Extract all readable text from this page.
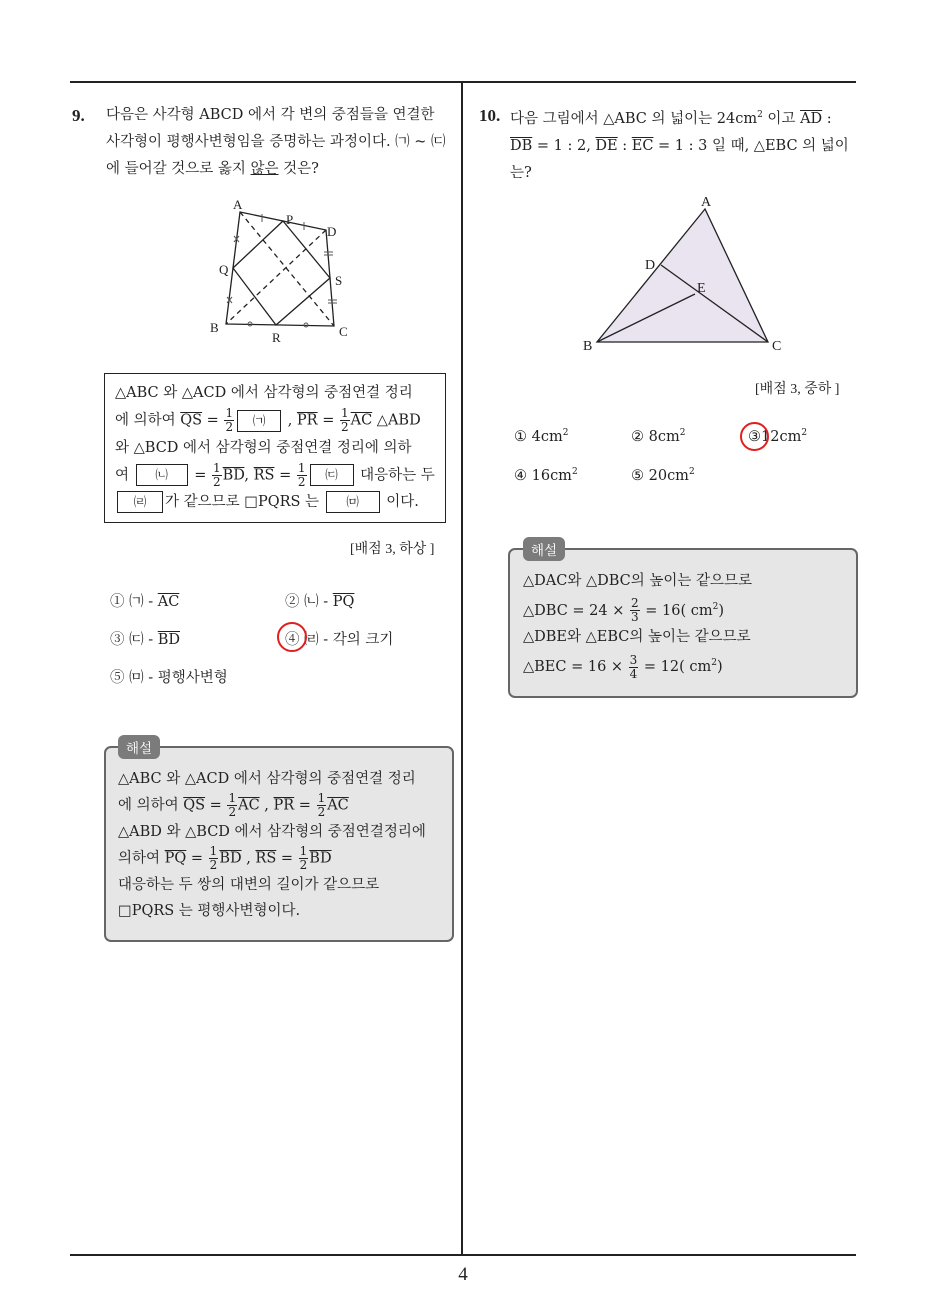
4
9. 다음은 사각형 ABCD 에서 각 변의 중점들을 연결한
사각형이 평행사변형임을 증명하는 과정이다. ㈀ ~ ㈂
에 들어갈 것으로 옳지 않은 것은?
A
P
D
Q
S
B
R	C
△ABC 와 △ACD 에서 삼각형의 중점연결 정리
에 의하여 $\overline{QS} = \frac{1}{2}$ ㈀ , $\overline{PR} = \frac{1}{2} \overline{AC}$ △ABD
와 △BCD 에서 삼각형의 중점연결 정리에 의하
여 ㈁ = $\frac{1}{2} \overline{BD}$, $\overline{RS} = \frac{1}{2}$ ㈂ 대응하는 두
㈃ 가 같으므로 □PQRS 는 ㈄ 이다.
[배점 3, 하상 ]
① ㈀ - $\overline{AC}$	② ㈁ - $\overline{PQ}$
③ ㈂ - $\overline{BD}$	④ ㈃ - 각의 크기
⑤ ㈄ - 평행사변형
△ABC 와 △ACD 에서 삼각형의 중점연결 정리
에 의하여 $\overline{QS} = \frac{1}{2} \overline{AC}$ , $\overline{PR} = \frac{1}{2} \overline{AC}$
△ABD 와 △BCD 에서 삼각형의 중점연결정리에
의하여 $\overline{PQ} = \frac{1}{2} \overline{BD}$ , $\overline{RS} = \frac{1}{2} \overline{BD}$
대응하는 두 쌍의 대변의 길이가 같으므로
□PQRS 는 평행사변형이다.
해설
10. 다음 그림에서 △ABC 의 넓이는 $24cm^2$ 이고 $\overline{AD}$ :
$\overline{DB} = 1$ : 2, $\overline{DE}$ : $\overline{EC} = 1$ : 3 일 때, △EBC 의 넓이
는?
A
D
E
B	C
[배점 3, 중하 ]
① $4cm^2$	② $8cm^2$	$③12cm^2$
④ $16cm^2$	⑤ $20cm^2$
△DAC와 △DBC의 높이는 같으므로
△DBC = $24 \times \frac{2}{3} = 16$( $cm^2$)
△DBE와 △EBC의 높이는 같으므로
△BEC = $16 \times \frac{3}{4} = 12$( $cm^2$)
해설
